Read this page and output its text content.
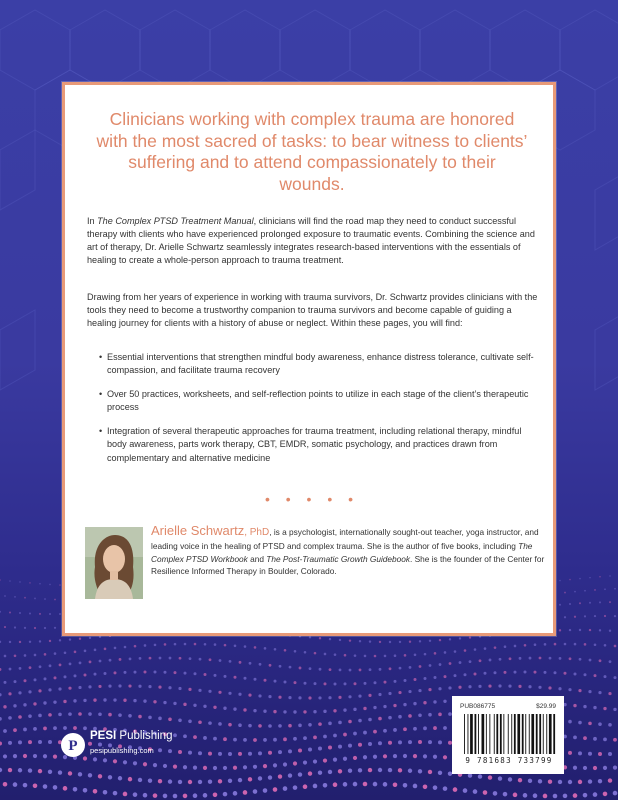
Clinicians working with complex trauma are honored with the most sacred of tasks: to bear witness to clients’ suffering and to attend compassionately to their wounds.
In The Complex PTSD Treatment Manual, clinicians will find the road map they need to conduct successful therapy with clients who have experienced prolonged exposure to traumatic events. Combining the science and art of therapy, Dr. Arielle Schwartz seamlessly integrates research-based interventions with the essentials of healing to create a whole-person approach to trauma treatment.
Drawing from her years of experience in working with trauma survivors, Dr. Schwartz provides clinicians with the tools they need to become a trustworthy companion to trauma survivors and become capable of guiding a healing journey for clients with a history of abuse or neglect. Within these pages, you will find:
• Essential interventions that strengthen mindful body awareness, enhance distress tolerance, cultivate self-compassion, and facilitate trauma recovery
• Over 50 practices, worksheets, and self-reflection points to utilize in each stage of the client’s therapeutic process
• Integration of several therapeutic approaches for trauma treatment, including relational therapy, mindful body awareness, parts work therapy, CBT, EMDR, somatic psychology, and practices drawn from complementary and alternative medicine
• • • • •
Arielle Schwartz, PhD, is a psychologist, internationally sought-out teacher, yoga instructor, and leading voice in the healing of PTSD and complex trauma. She is the author of five books, including The Complex PTSD Workbook and The Post-Traumatic Growth Guidebook. She is the founder of the Center for Resilience Informed Therapy in Boulder, Colorado.
P
PESI Publishing
pesipublishing.com
PUB086775	$29.99
9 781683 733799
